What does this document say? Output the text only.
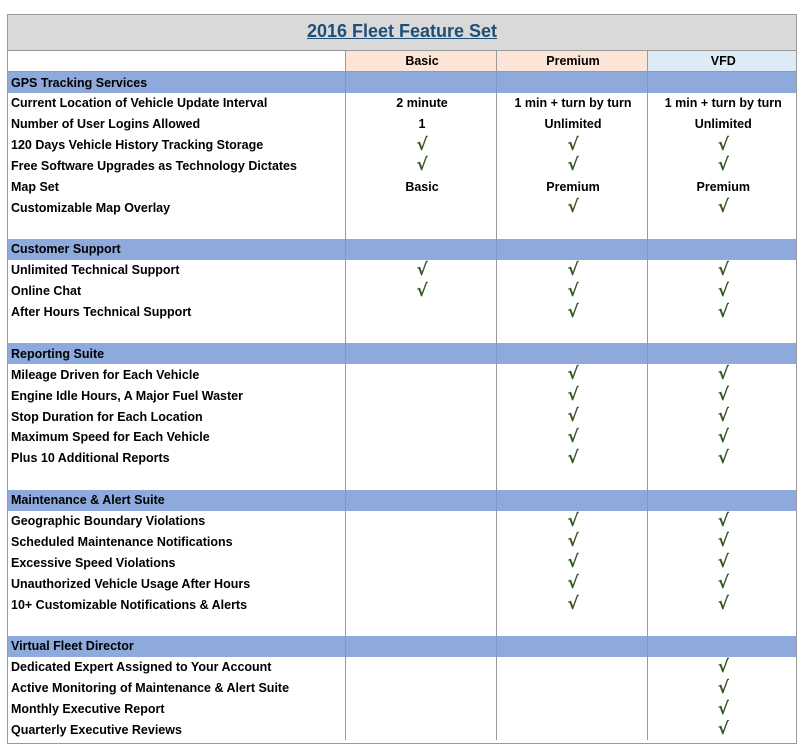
2016 Fleet Feature Set
	Basic	Premium	VFD
GPS Tracking Services			
Current Location of Vehicle Update Interval	2 minute	1 min + turn by turn	1 min + turn by turn
Number of User Logins Allowed	1	Unlimited	Unlimited
120 Days Vehicle History Tracking Storage	√	√	√
Free Software Upgrades as Technology Dictates	√	√	√
Map Set	Basic	Premium	Premium
Customizable Map Overlay		√	√

Customer Support			
Unlimited Technical Support	√	√	√
Online Chat	√	√	√
After Hours Technical Support		√	√

Reporting Suite			
Mileage Driven for Each Vehicle		√	√
Engine Idle Hours, A Major Fuel Waster		√	√
Stop Duration for Each Location		√	√
Maximum Speed for Each Vehicle		√	√
Plus 10 Additional Reports		√	√

Maintenance & Alert Suite			
Geographic Boundary Violations		√	√
Scheduled Maintenance Notifications		√	√
Excessive Speed Violations		√	√
Unauthorized Vehicle Usage After Hours		√	√
10+ Customizable Notifications & Alerts		√	√

Virtual Fleet Director			
Dedicated Expert Assigned to Your Account			√
Active Monitoring of Maintenance & Alert Suite			√
Monthly Executive Report			√
Quarterly Executive Reviews			√
